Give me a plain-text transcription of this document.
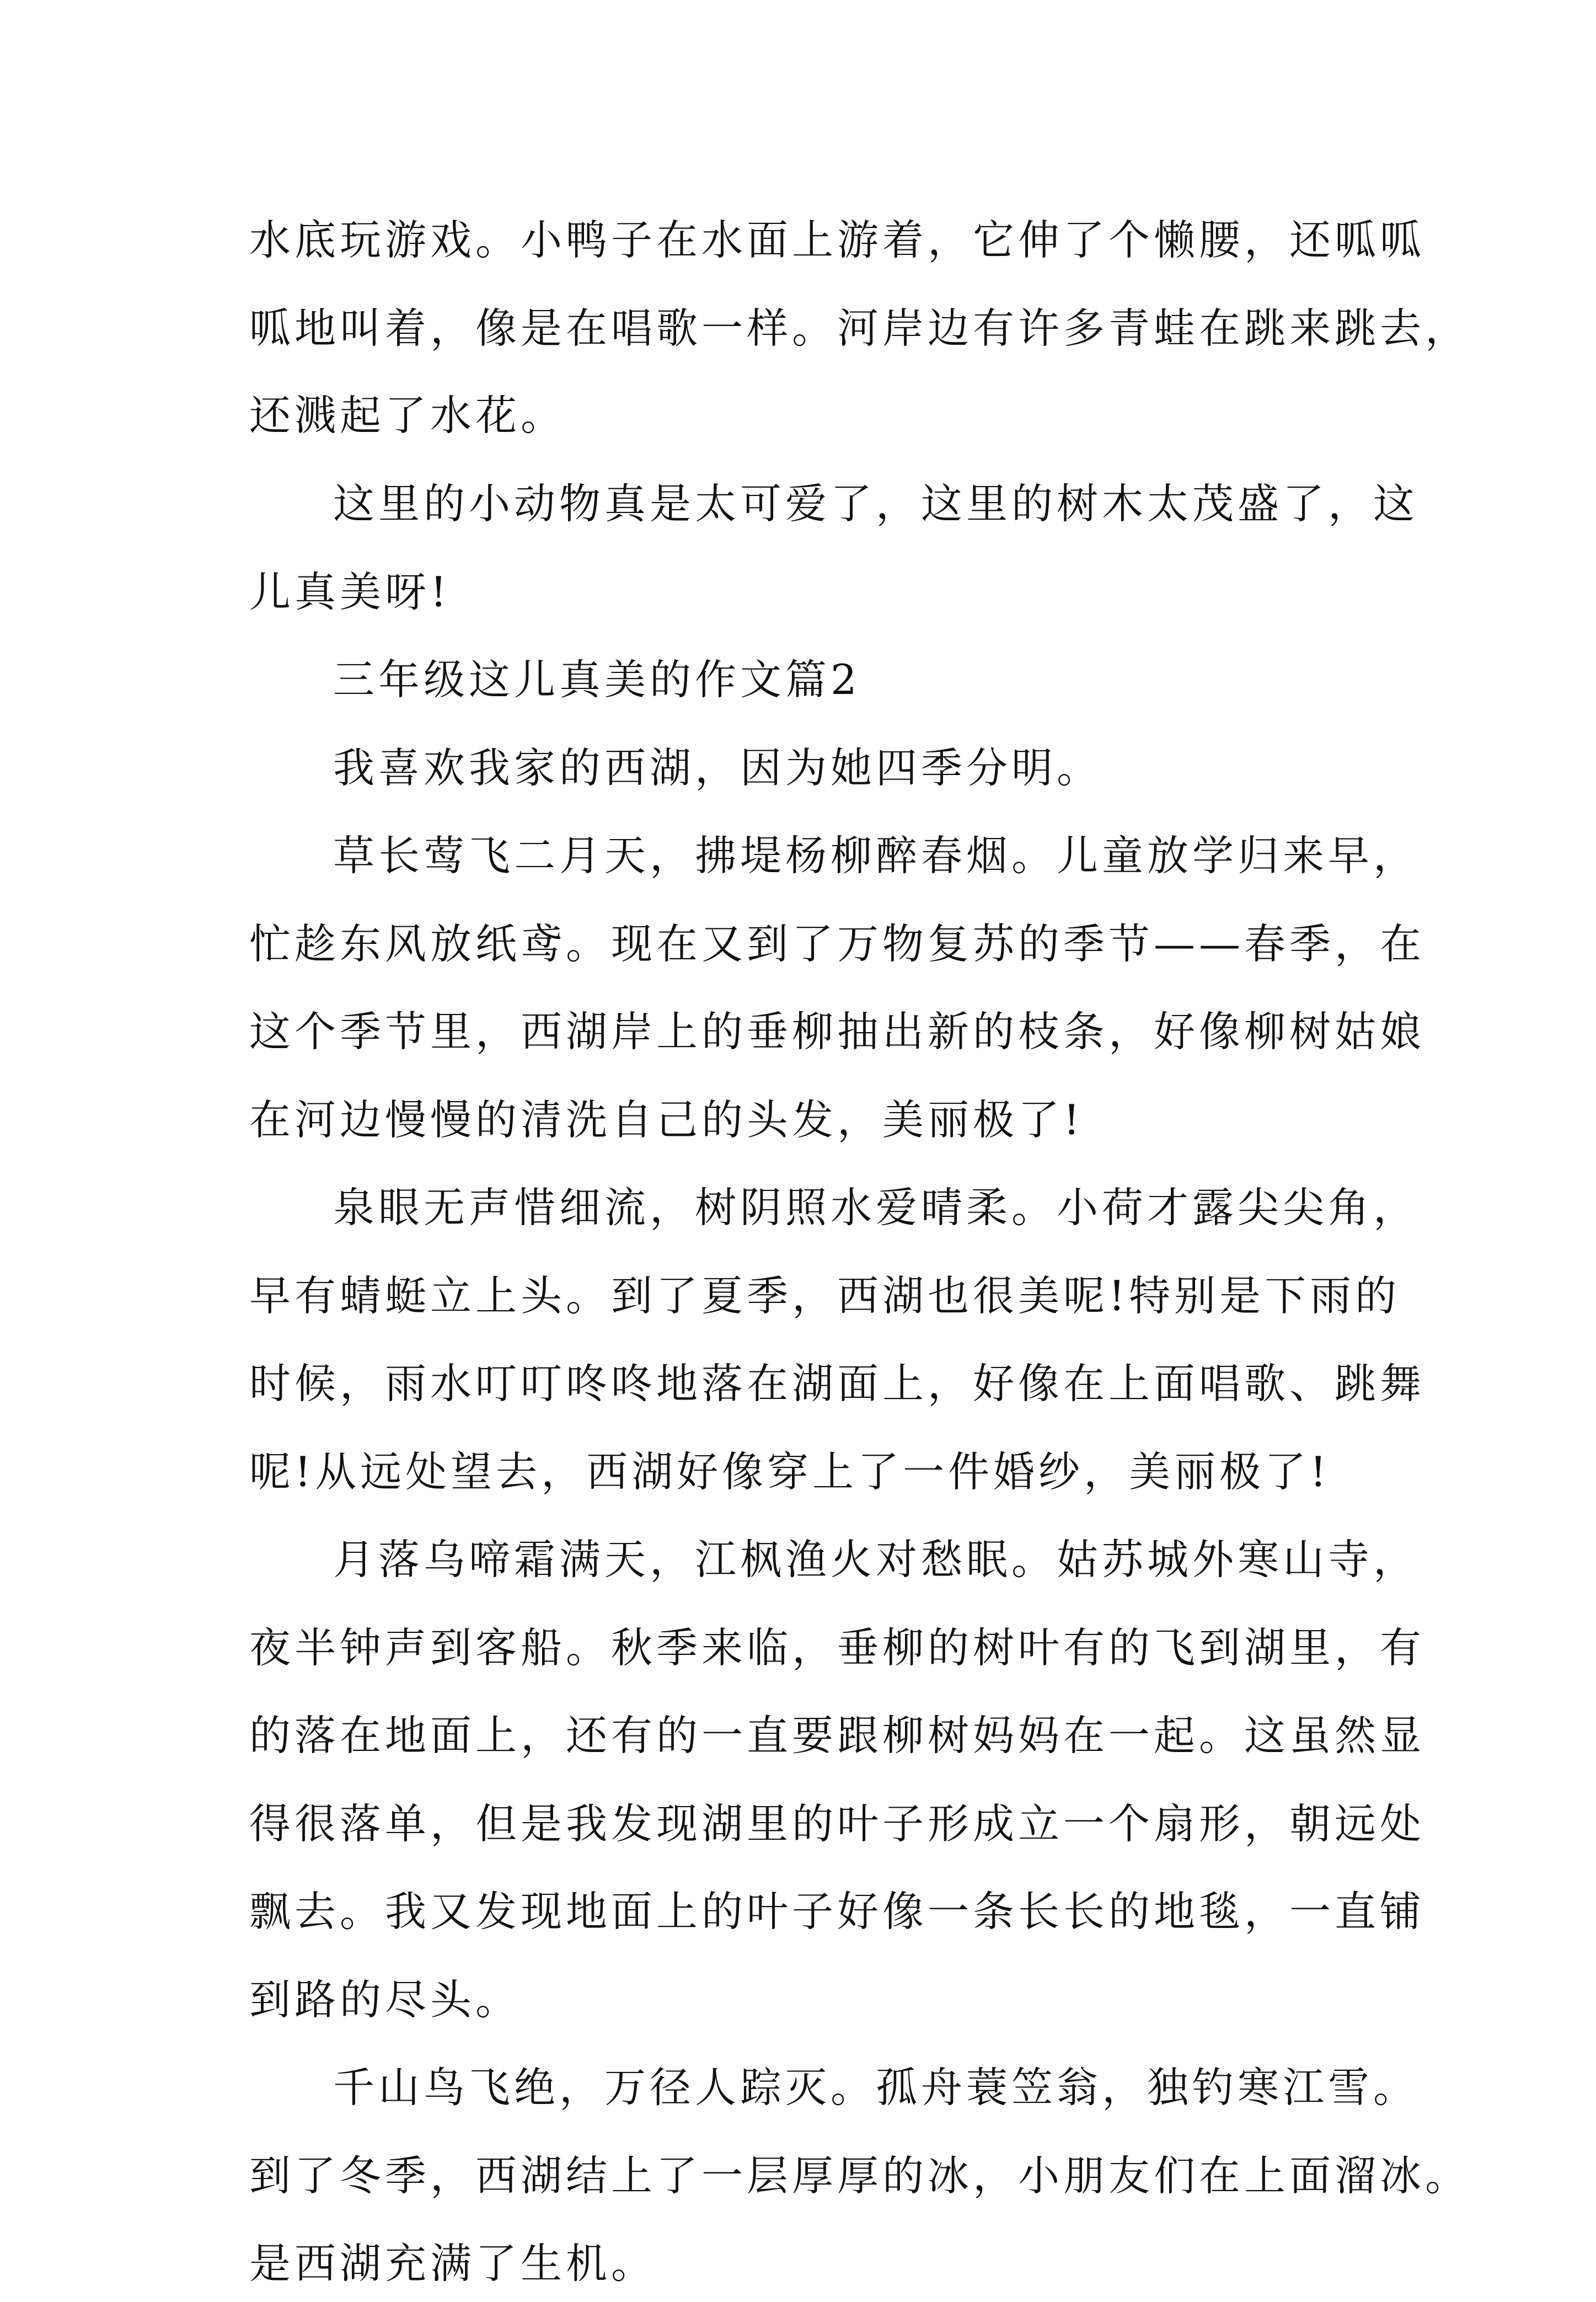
水底玩游戏。小鸭子在水面上游着，它伸了个懒腰，还呱呱
呱地叫着，像是在唱歌一样。河岸边有许多青蛙在跳来跳去，
还溅起了水花。
这里的小动物真是太可爱了，这里的树木太茂盛了，这
儿真美呀!
三年级这儿真美的作文篇2
我喜欢我家的西湖，因为她四季分明。
草长莺飞二月天，拂堤杨柳醉春烟。儿童放学归来早，
忙趁东风放纸鸢。现在又到了万物复苏的季节——春季，在
这个季节里，西湖岸上的垂柳抽出新的枝条，好像柳树姑娘
在河边慢慢的清洗自己的头发，美丽极了!
泉眼无声惜细流，树阴照水爱晴柔。小荷才露尖尖角，
早有蜻蜓立上头。到了夏季，西湖也很美呢!特别是下雨的
时候，雨水叮叮咚咚地落在湖面上，好像在上面唱歌、跳舞
呢!从远处望去，西湖好像穿上了一件婚纱，美丽极了!
月落乌啼霜满天，江枫渔火对愁眠。姑苏城外寒山寺，
夜半钟声到客船。秋季来临，垂柳的树叶有的飞到湖里，有
的落在地面上，还有的一直要跟柳树妈妈在一起。这虽然显
得很落单，但是我发现湖里的叶子形成立一个扇形，朝远处
飘去。我又发现地面上的叶子好像一条长长的地毯，一直铺
到路的尽头。
千山鸟飞绝，万径人踪灭。孤舟蓑笠翁，独钓寒江雪。
到了冬季，西湖结上了一层厚厚的冰，小朋友们在上面溜冰。
是西湖充满了生机。
